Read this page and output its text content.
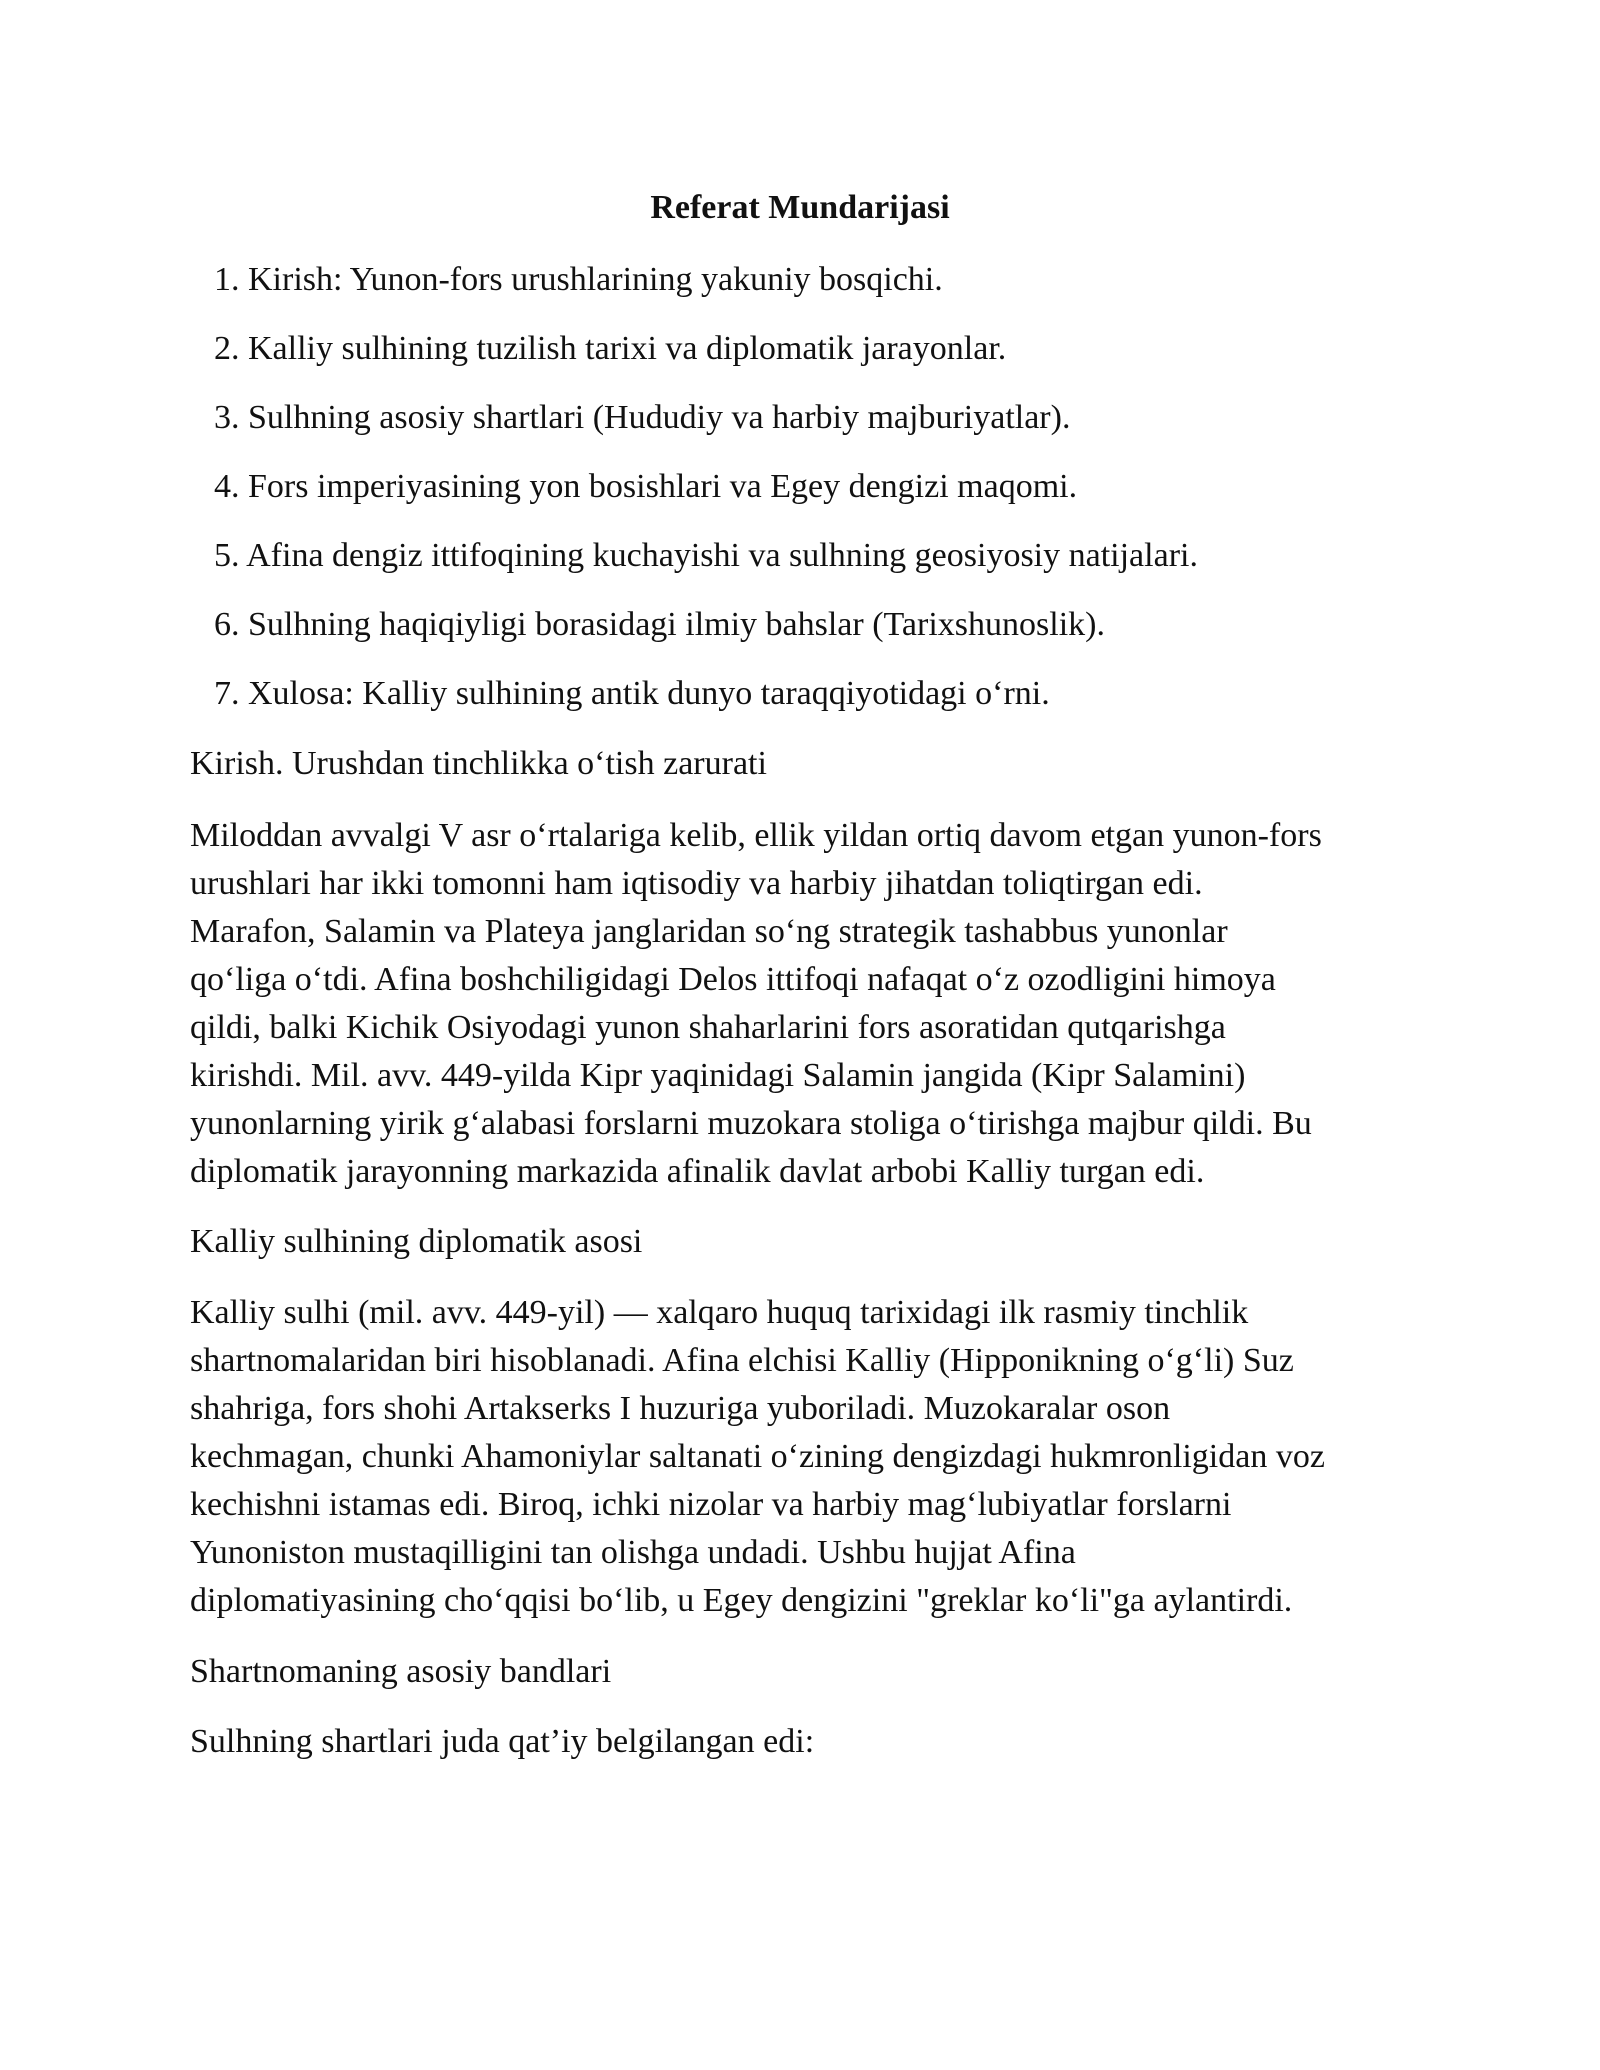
Referat Mundarijasi
1. Kirish: Yunon-fors urushlarining yakuniy bosqichi.
2. Kalliy sulhining tuzilish tarixi va diplomatik jarayonlar.
3. Sulhning asosiy shartlari (Hududiy va harbiy majburiyatlar).
4. Fors imperiyasining yon bosishlari va Egey dengizi maqomi.
5. Afina dengiz ittifoqining kuchayishi va sulhning geosiyosiy natijalari.
6. Sulhning haqiqiyligi borasidagi ilmiy bahslar (Tarixshunoslik).
7. Xulosa: Kalliy sulhining antik dunyo taraqqiyotidagi o‘rni.

Kirish. Urushdan tinchlikka o‘tish zarurati

Miloddan avvalgi V asr o‘rtalariga kelib, ellik yildan ortiq davom etgan yunon-fors
urushlari har ikki tomonni ham iqtisodiy va harbiy jihatdan toliqtirgan edi.
Marafon, Salamin va Plateya janglaridan so‘ng strategik tashabbus yunonlar
qo‘liga o‘tdi. Afina boshchiligidagi Delos ittifoqi nafaqat o‘z ozodligini himoya
qildi, balki Kichik Osiyodagi yunon shaharlarini fors asoratidan qutqarishga
kirishdi. Mil. avv. 449-yilda Kipr yaqinidagi Salamin jangida (Kipr Salamini)
yunonlarning yirik g‘alabasi forslarni muzokara stoliga o‘tirishga majbur qildi. Bu
diplomatik jarayonning markazida afinalik davlat arbobi Kalliy turgan edi.

Kalliy sulhining diplomatik asosi

Kalliy sulhi (mil. avv. 449-yil) — xalqaro huquq tarixidagi ilk rasmiy tinchlik
shartnomalaridan biri hisoblanadi. Afina elchisi Kalliy (Hipponikning o‘g‘li) Suz
shahriga, fors shohi Artakserks I huzuriga yuboriladi. Muzokaralar oson
kechmagan, chunki Ahamoniylar saltanati o‘zining dengizdagi hukmronligidan voz
kechishni istamas edi. Biroq, ichki nizolar va harbiy mag‘lubiyatlar forslarni
Yunoniston mustaqilligini tan olishga undadi. Ushbu hujjat Afina
diplomatiyasining cho‘qqisi bo‘lib, u Egey dengizini "greklar ko‘li"ga aylantirdi.

Shartnomaning asosiy bandlari

Sulhning shartlari juda qat’iy belgilangan edi:
